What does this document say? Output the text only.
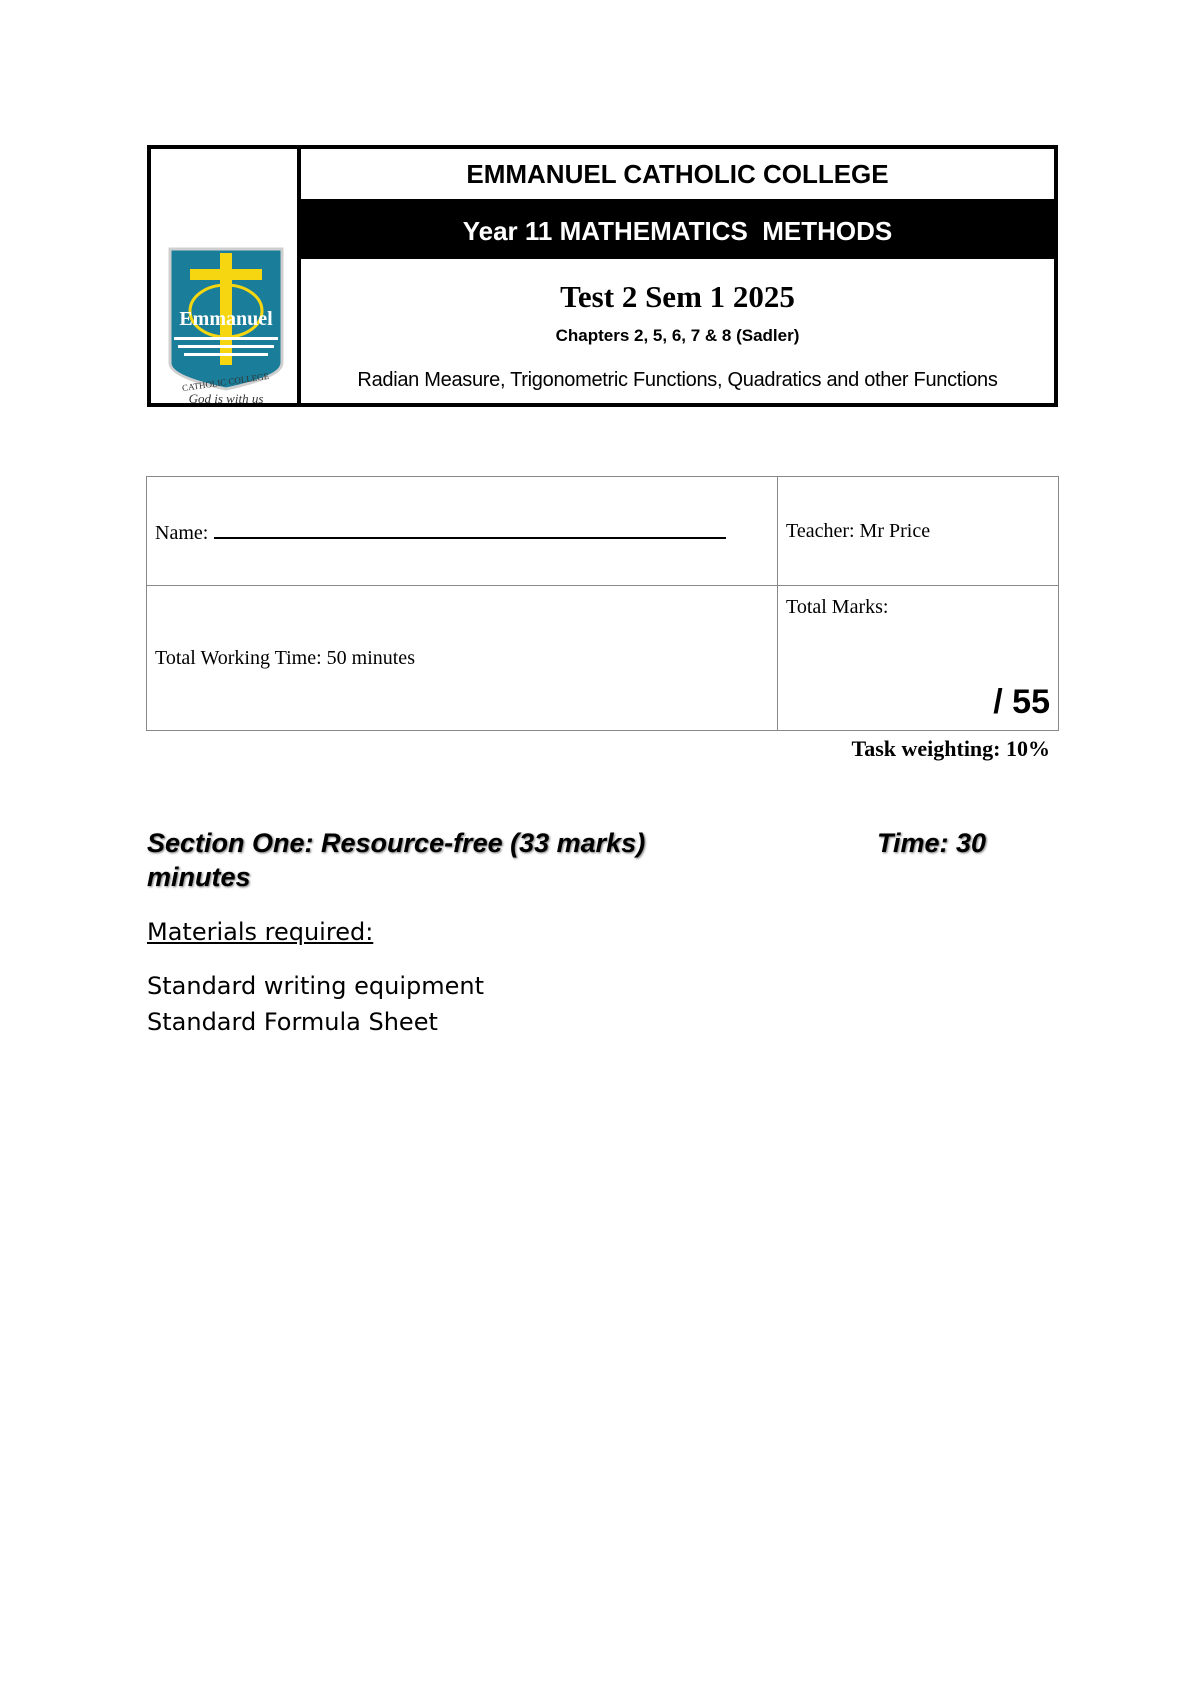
Emmanuel
CATHOLIC COLLEGE
God is with us
EMMANUEL CATHOLIC COLLEGE
Year 11 MATHEMATICS  METHODS
Test 2 Sem 1 2025
Chapters 2, 5, 6, 7 & 8 (Sadler)
Radian Measure, Trigonometric Functions, Quadratics and other Functions
Name:	Teacher: Mr Price
Total Working Time: 50 minutes	Total Marks:
/ 55
Task weighting: 10%
Section One: Resource-free (33 marks)	Time: 30
minutes
Materials required:
Standard writing equipment
Standard Formula Sheet
